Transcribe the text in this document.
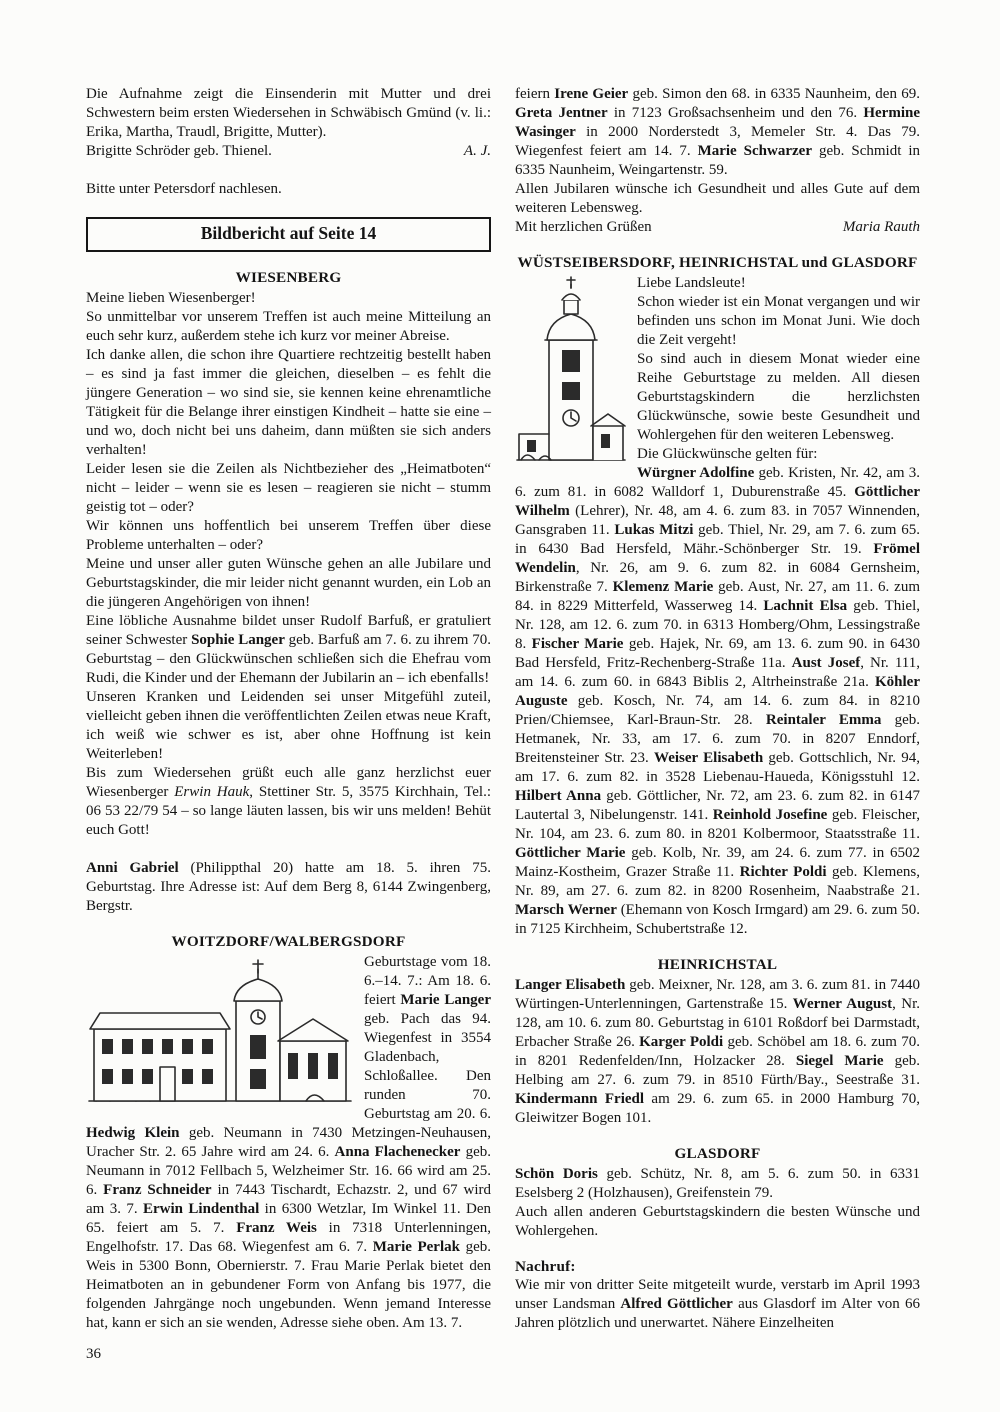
Die Aufnahme zeigt die Einsenderin mit Mutter und drei Schwestern beim ersten Wiedersehen in Schwäbisch Gmünd (v. li.: Erika, Martha, Traudl, Brigitte, Mutter).

Brigitte Schröder geb. Thienel.	A. J.

Bitte unter Petersdorf nachlesen.

Bildbericht auf Seite 14
WIESENBERG

Meine lieben Wiesenberger!

So unmittelbar vor unserem Treffen ist auch meine Mitteilung an euch sehr kurz, außerdem stehe ich kurz vor meiner Abreise.

Ich danke allen, die schon ihre Quartiere rechtzeitig bestellt haben – es sind ja fast immer die gleichen, dieselben – es fehlt die jüngere Generation – wo sind sie, sie kennen keine ehrenamtliche Tätigkeit für die Belange ihrer einstigen Kindheit – hatte sie eine – und wo, doch nicht bei uns daheim, dann müßten sie sich anders verhalten!

Leider lesen sie die Zeilen als Nichtbezieher des „Heimatboten“ nicht – leider – wenn sie es lesen – reagieren sie nicht – stumm geistig tot – oder?

Wir können uns hoffentlich bei unserem Treffen über diese Probleme unterhalten – oder?

Meine und unser aller guten Wünsche gehen an alle Jubilare und Geburtstagskinder, die mir leider nicht genannt wurden, ein Lob an die jüngeren Angehörigen von ihnen!

Eine löbliche Ausnahme bildet unser Rudolf Barfuß, er gratuliert seiner Schwester Sophie Langer geb. Barfuß am 7. 6. zu ihrem 70. Geburtstag – den Glückwünschen schließen sich die Ehefrau vom Rudi, die Kinder und der Ehemann der Jubilarin an – ich ebenfalls!

Unseren Kranken und Leidenden sei unser Mitgefühl zuteil, vielleicht geben ihnen die veröffentlichten Zeilen etwas neue Kraft, ich weiß wie schwer es ist, aber ohne Hoffnung ist kein Weiterleben!

Bis zum Wiedersehen grüßt euch alle ganz herzlichst euer Wiesenberger Erwin Hauk, Stettiner Str. 5, 3575 Kirchhain, Tel.: 06 53 22/79 54 – so lange läuten lassen, bis wir uns melden! Behüt euch Gott!

Anni Gabriel (Philippthal 20) hatte am 18. 5. ihren 75. Geburtstag. Ihre Adresse ist: Auf dem Berg 8, 6144 Zwingenberg, Bergstr.

WOITZDORF/WALBERGSDORF

Geburtstage vom 18. 6.–14. 7.: Am 18. 6. feiert Marie Langer geb. Pach das 94. Wiegenfest in 3554 Gladenbach, Schloßallee. Den runden 70. Geburtstag am 20. 6. Hedwig Klein geb. Neumann in 7430 Metzingen-Neuhausen, Uracher Str. 2. 65 Jahre wird am 24. 6. Anna Flachenecker geb. Neumann in 7012 Fellbach 5, Welzheimer Str. 16. 66 wird am 25. 6. Franz Schneider in 7443 Tischardt, Echazstr. 2, und 67 wird am 3. 7. Erwin Lindenthal in 6300 Wetzlar, Im Winkel 11. Den 65. feiert am 5. 7. Franz Weis in 7318 Unterlenningen, Engelhofstr. 17. Das 68. Wiegenfest am 6. 7. Marie Perlak geb. Weis in 5300 Bonn, Obernierstr. 7. Frau Marie Perlak bietet den Heimatboten an in gebundener Form von Anfang bis 1977, die folgenden Jahrgänge noch ungebunden. Wenn jemand Interesse hat, kann er sich an sie wenden, Adresse siehe oben. Am 13. 7.

feiern Irene Geier geb. Simon den 68. in 6335 Naunheim, den 69. Greta Jentner in 7123 Großsachsenheim und den 76. Hermine Wasinger in 2000 Norderstedt 3, Memeler Str. 4. Das 79. Wiegenfest feiert am 14. 7. Marie Schwarzer geb. Schmidt in 6335 Naunheim, Weingartenstr. 59.

Allen Jubilaren wünsche ich Gesundheit und alles Gute auf dem weiteren Lebensweg.

Mit herzlichen Grüßen	Maria Rauth

WÜSTSEIBERSDORF, HEINRICHSTAL und GLASDORF

Liebe Landsleute!

Schon wieder ist ein Monat vergangen und wir befinden uns schon im Monat Juni. Wie doch die Zeit vergeht!

So sind auch in diesem Monat wieder eine Reihe Geburtstage zu melden. All diesen Geburtstagskindern die herzlichsten Glückwünsche, sowie beste Gesundheit und Wohlergehen für den weiteren Lebensweg.

Die Glückwünsche gelten für:

Würgner Adolfine geb. Kristen, Nr. 42, am 3. 6. zum 81. in 6082 Walldorf 1, Duburenstraße 45. Göttlicher Wilhelm (Lehrer), Nr. 48, am 4. 6. zum 83. in 7057 Winnenden, Gansgraben 11. Lukas Mitzi geb. Thiel, Nr. 29, am 7. 6. zum 65. in 6430 Bad Hersfeld, Mähr.-Schönberger Str. 19. Frömel Wendelin, Nr. 26, am 9. 6. zum 82. in 6084 Gernsheim, Birkenstraße 7. Klemenz Marie geb. Aust, Nr. 27, am 11. 6. zum 84. in 8229 Mitterfeld, Wasserweg 14. Lachnit Elsa geb. Thiel, Nr. 128, am 12. 6. zum 70. in 6313 Homberg/Ohm, Lessingstraße 8. Fischer Marie geb. Hajek, Nr. 69, am 13. 6. zum 90. in 6430 Bad Hersfeld, Fritz-Rechenberg-Straße 11a. Aust Josef, Nr. 111, am 14. 6. zum 60. in 6843 Biblis 2, Altrheinstraße 21a. Köhler Auguste geb. Kosch, Nr. 74, am 14. 6. zum 84. in 8210 Prien/Chiemsee, Karl-Braun-Str. 28. Reintaler Emma geb. Hetmanek, Nr. 33, am 17. 6. zum 70. in 8207 Enndorf, Breitensteiner Str. 23. Weiser Elisabeth geb. Gottschlich, Nr. 94, am 17. 6. zum 82. in 3528 Liebenau-Haueda, Königsstuhl 12. Hilbert Anna geb. Göttlicher, Nr. 72, am 23. 6. zum 82. in 6147 Lautertal 3, Nibelungenstr. 141. Reinhold Josefine geb. Fleischer, Nr. 104, am 23. 6. zum 80. in 8201 Kolbermoor, Staatsstraße 11. Göttlicher Marie geb. Kolb, Nr. 39, am 24. 6. zum 77. in 6502 Mainz-Kostheim, Grazer Straße 11. Richter Poldi geb. Klemens, Nr. 89, am 27. 6. zum 82. in 8200 Rosenheim, Naabstraße 21. Marsch Werner (Ehemann von Kosch Irmgard) am 29. 6. zum 50. in 7125 Kirchheim, Schubertstraße 12.

HEINRICHSTAL

Langer Elisabeth geb. Meixner, Nr. 128, am 3. 6. zum 81. in 7440 Würtingen-Unterlenningen, Gartenstraße 15. Werner August, Nr. 128, am 10. 6. zum 80. Geburtstag in 6101 Roßdorf bei Darmstadt, Erbacher Straße 26. Karger Poldi geb. Schöbel am 18. 6. zum 70. in 8201 Redenfelden/Inn, Holzacker 28. Siegel Marie geb. Helbing am 27. 6. zum 79. in 8510 Fürth/Bay., Seestraße 31. Kindermann Friedl am 29. 6. zum 65. in 2000 Hamburg 70, Gleiwitzer Bogen 101.

GLASDORF

Schön Doris geb. Schütz, Nr. 8, am 5. 6. zum 50. in 6331 Eselsberg 2 (Holzhausen), Greifenstein 79.

Auch allen anderen Geburtstagskindern die besten Wünsche und Wohlergehen.

Nachruf:

Wie mir von dritter Seite mitgeteilt wurde, verstarb im April 1993 unser Landsman Alfred Göttlicher aus Glasdorf im Alter von 66 Jahren plötzlich und unerwartet. Nähere Einzelheiten

36
